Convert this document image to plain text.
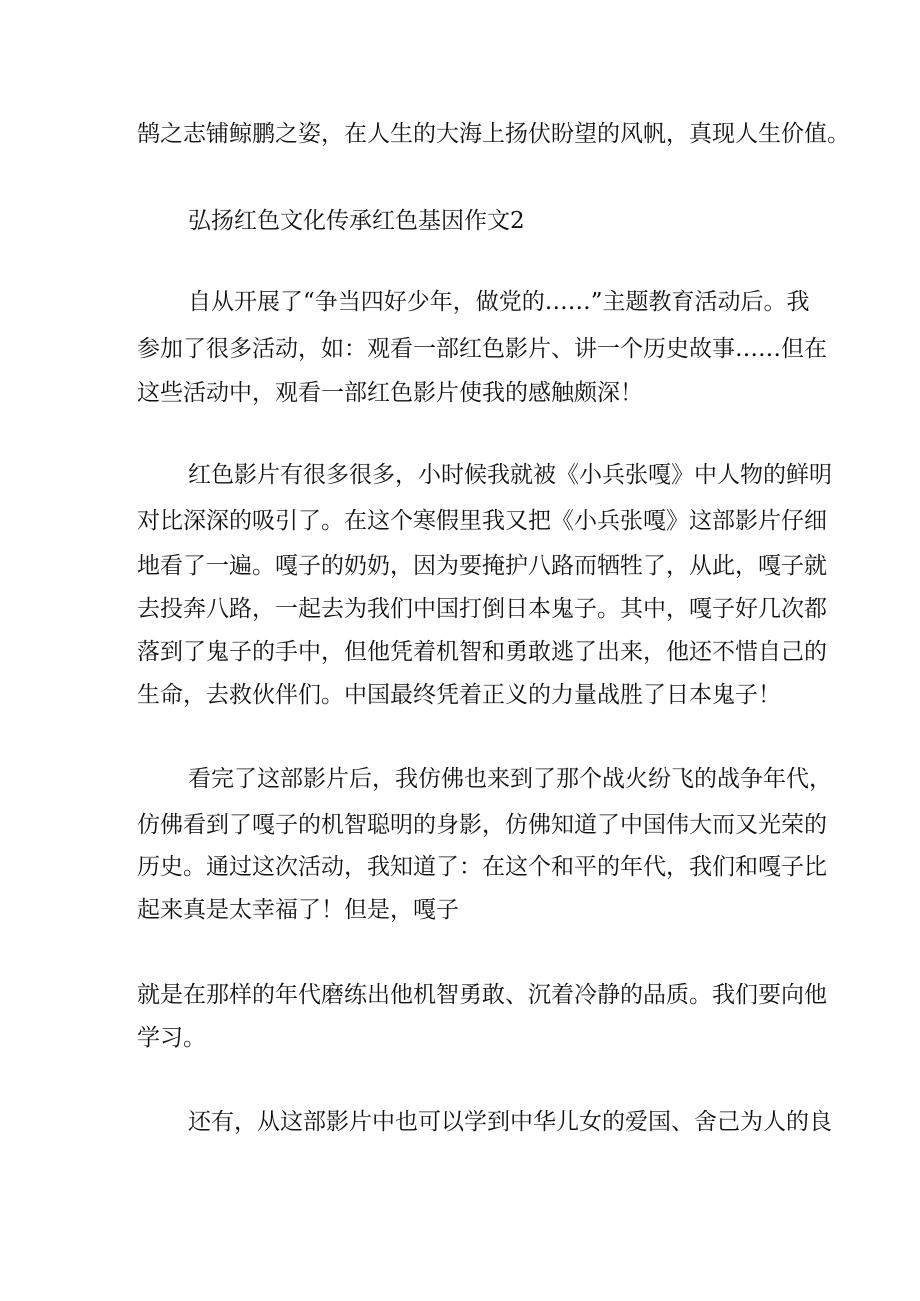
鹄之志铺鲸鹏之姿，在人生的大海上扬伏盼望的风帆，真现人生价值。
弘扬红色文化传承红色基因作文2
自从开展了“争当四好少年，做党的……”主题教育活动后。我
参加了很多活动，如：观看一部红色影片、讲一个历史故事……但在
这些活动中，观看一部红色影片使我的感触颇深！
红色影片有很多很多，小时候我就被《小兵张嘎》中人物的鲜明
对比深深的吸引了。在这个寒假里我又把《小兵张嘎》这部影片仔细
地看了一遍。嘎子的奶奶，因为要掩护八路而牺牲了，从此，嘎子就
去投奔八路，一起去为我们中国打倒日本鬼子。其中，嘎子好几次都
落到了鬼子的手中，但他凭着机智和勇敢逃了出来，他还不惜自己的
生命，去救伙伴们。中国最终凭着正义的力量战胜了日本鬼子！
看完了这部影片后，我仿佛也来到了那个战火纷飞的战争年代，
仿佛看到了嘎子的机智聪明的身影，仿佛知道了中国伟大而又光荣的
历史。通过这次活动，我知道了：在这个和平的年代，我们和嘎子比
起来真是太幸福了！但是，嘎子
就是在那样的年代磨练出他机智勇敢、沉着冷静的品质。我们要向他
学习。
还有，从这部影片中也可以学到中华儿女的爱国、舍己为人的良
